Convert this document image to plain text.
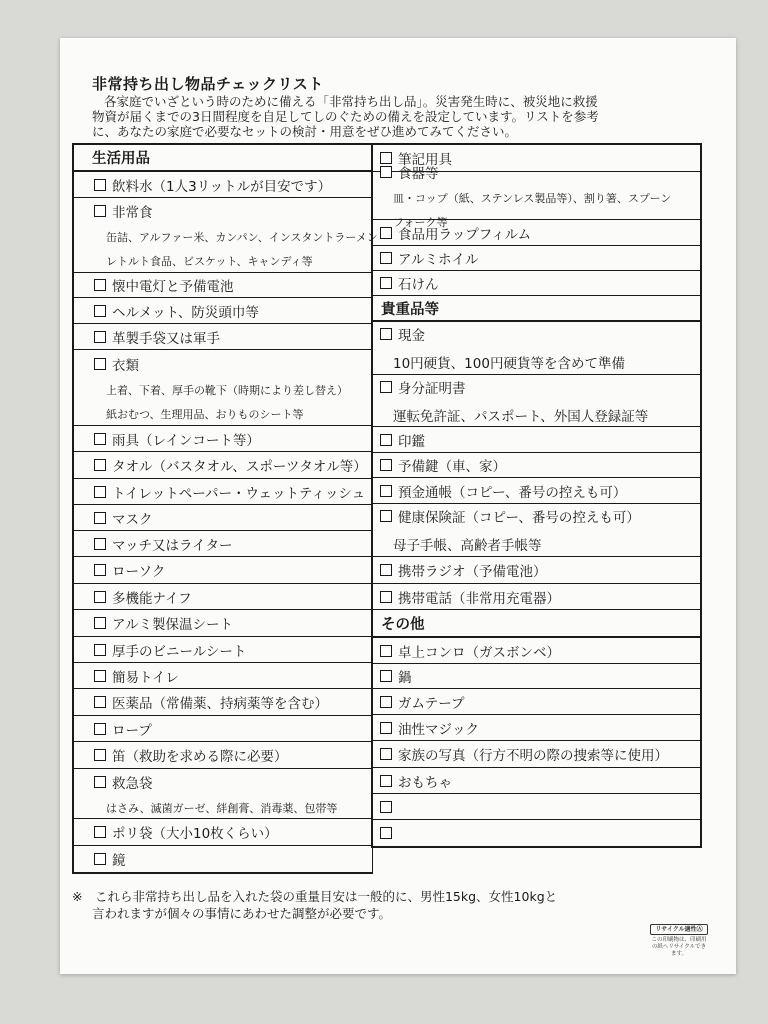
非常持ち出し物品チェックリスト
各家庭でいざという時のために備える「非常持ち出し品」。災害発生時に、被災地に救援
物資が届くまでの3日間程度を自足してしのぐための備えを設定しています。リストを参考
に、あなたの家庭で必要なセットの検討・用意をぜひ進めてみてください。
生活用品
飲料水（1人3リットルが目安です）
非常食
缶詰、アルファー米、カンパン、インスタントラーメン
レトルト食品、ビスケット、キャンディ等
懐中電灯と予備電池
ヘルメット、防災頭巾等
革製手袋又は軍手
衣類
上着、下着、厚手の靴下（時期により差し替え）
紙おむつ、生理用品、おりものシート等
雨具（レインコート等）
タオル（バスタオル、スポーツタオル等）
トイレットペーパー・ウェットティッシュ
マスク
マッチ又はライター
ローソク
多機能ナイフ
アルミ製保温シート
厚手のビニールシート
簡易トイレ
医薬品（常備薬、持病薬等を含む）
ロープ
笛（救助を求める際に必要）
救急袋
はさみ、滅菌ガーゼ、絆創膏、消毒薬、包帯等
ポリ袋（大小10枚くらい）
鏡
筆記用具
食器等
皿・コップ（紙、ステンレス製品等）、割り箸、スプーン
フォーク等
食品用ラップフィルム
アルミホイル
石けん
貴重品等
現金
10円硬貨、100円硬貨等を含めて準備
身分証明書
運転免許証、パスポート、外国人登録証等
印鑑
予備鍵（車、家）
預金通帳（コピー、番号の控えも可）
健康保険証（コピー、番号の控えも可）
母子手帳、高齢者手帳等
携帯ラジオ（予備電池）
携帯電話（非常用充電器）
その他
卓上コンロ（ガスボンベ）
鍋
ガムテープ
油性マジック
家族の写真（行方不明の際の捜索等に使用）
おもちゃ
※　これら非常持ち出し品を入れた袋の重量目安は一般的に、男性15kg、女性10kgと
言われますが個々の事情にあわせた調整が必要です。
リサイクル適性Ⓐ
この印刷物は、印刷用の紙へリサイクルできます。
